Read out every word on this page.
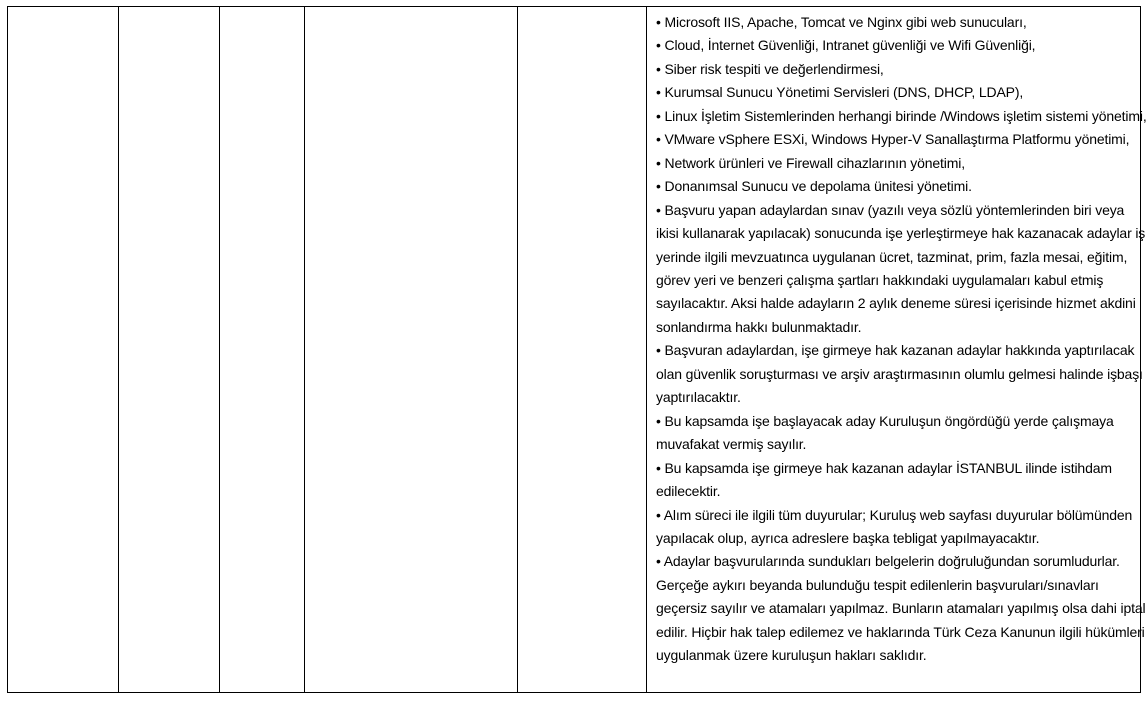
• Microsoft IIS, Apache, Tomcat ve Nginx gibi web sunucuları,
• Cloud, İnternet Güvenliği, Intranet güvenliği ve Wifi Güvenliği,
• Siber risk tespiti ve değerlendirmesi,
• Kurumsal Sunucu Yönetimi Servisleri (DNS, DHCP, LDAP),
• Linux İşletim Sistemlerinden herhangi birinde /Windows işletim sistemi yönetimi,
• VMware vSphere ESXi, Windows Hyper-V Sanallaştırma Platformu yönetimi,
• Network ürünleri ve Firewall cihazlarının yönetimi,
• Donanımsal Sunucu ve depolama ünitesi yönetimi.
• Başvuru yapan adaylardan sınav (yazılı veya sözlü yöntemlerinden biri veya
ikisi kullanarak yapılacak) sonucunda işe yerleştirmeye hak kazanacak adaylar iş
yerinde ilgili mevzuatınca uygulanan ücret, tazminat, prim, fazla mesai, eğitim,
görev yeri ve benzeri çalışma şartları hakkındaki uygulamaları kabul etmiş
sayılacaktır. Aksi halde adayların 2 aylık deneme süresi içerisinde hizmet akdini
sonlandırma hakkı bulunmaktadır.
• Başvuran adaylardan, işe girmeye hak kazanan adaylar hakkında yaptırılacak
olan güvenlik soruşturması ve arşiv araştırmasının olumlu gelmesi halinde işbaşı
yaptırılacaktır.
• Bu kapsamda işe başlayacak aday Kuruluşun öngördüğü yerde çalışmaya
muvafakat vermiş sayılır.
• Bu kapsamda işe girmeye hak kazanan adaylar İSTANBUL ilinde istihdam
edilecektir.
• Alım süreci ile ilgili tüm duyurular; Kuruluş web sayfası duyurular bölümünden
yapılacak olup, ayrıca adreslere başka tebligat yapılmayacaktır.
• Adaylar başvurularında sundukları belgelerin doğruluğundan sorumludurlar.
Gerçeğe aykırı beyanda bulunduğu tespit edilenlerin başvuruları/sınavları
geçersiz sayılır ve atamaları yapılmaz. Bunların atamaları yapılmış olsa dahi iptal
edilir. Hiçbir hak talep edilemez ve haklarında Türk Ceza Kanunun ilgili hükümleri
uygulanmak üzere kuruluşun hakları saklıdır.
